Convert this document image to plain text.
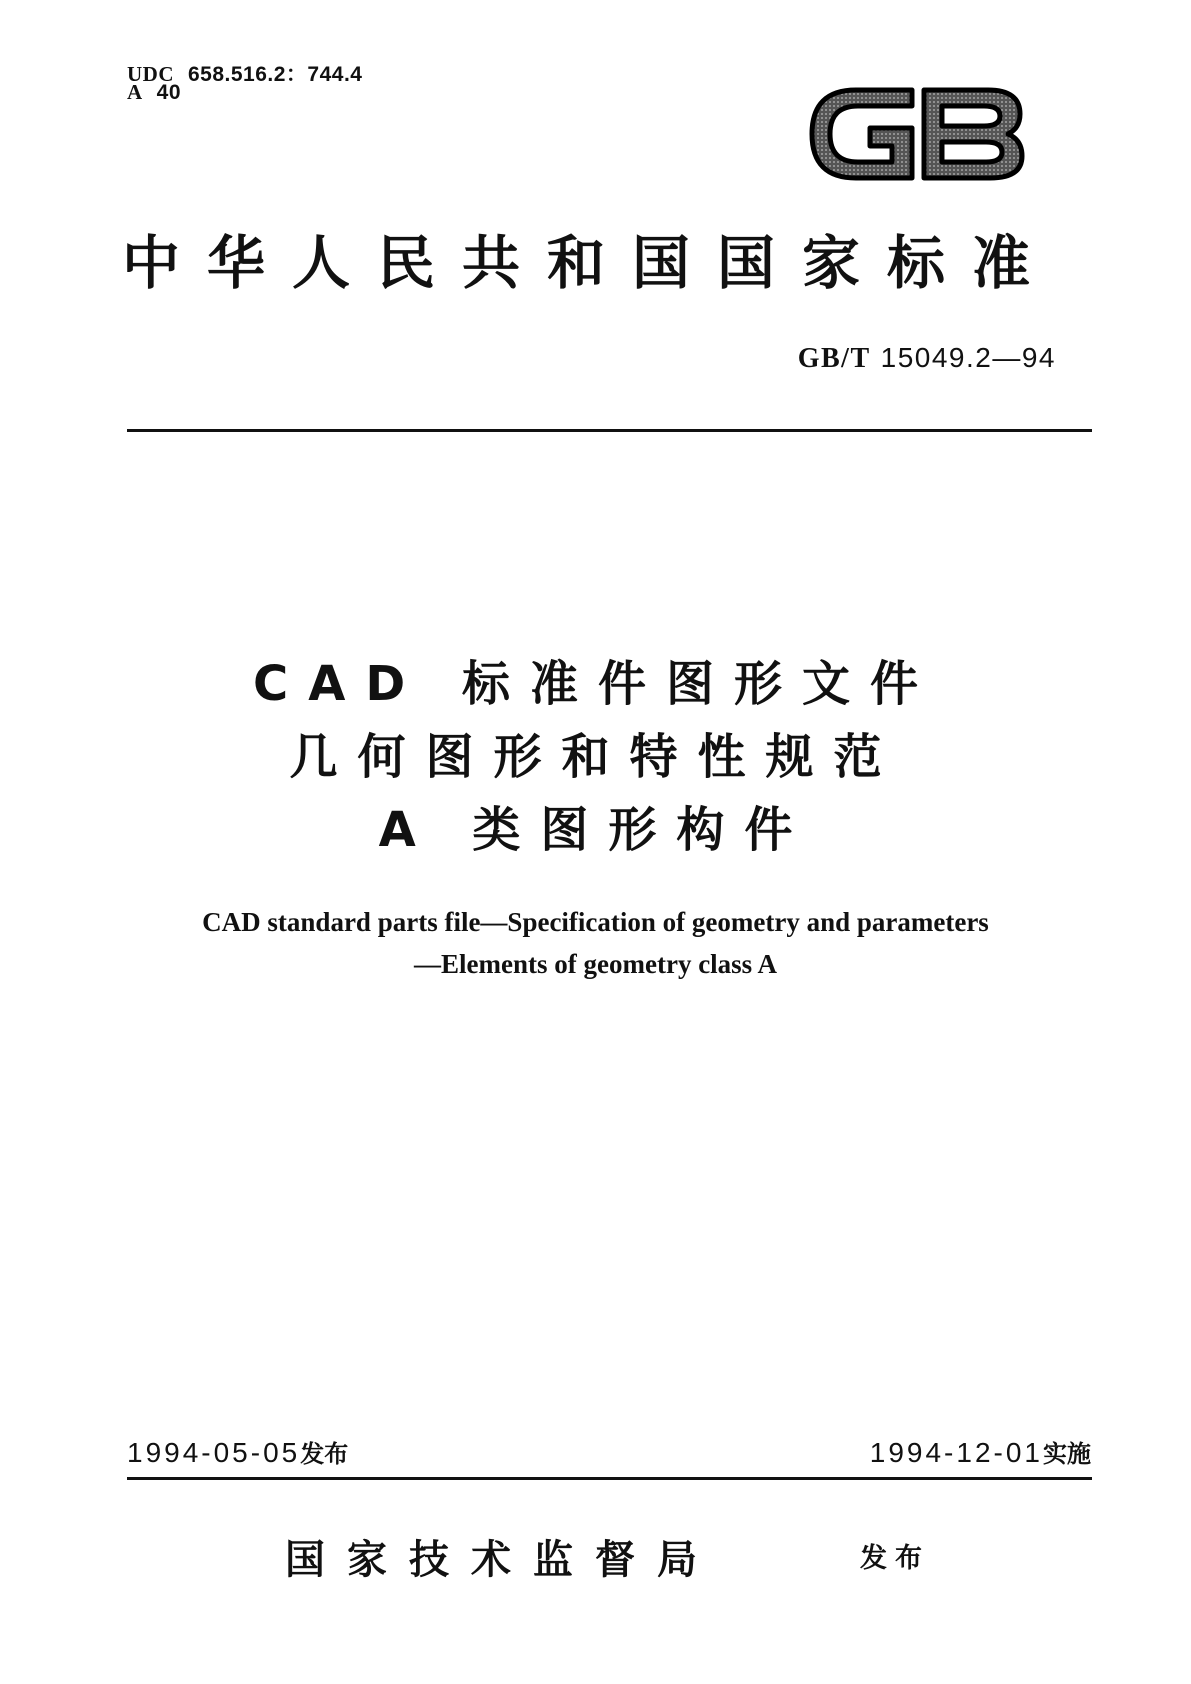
UDC 658.516.2：744.4
A 40
中华人民共和国国家标准
GB/T 15049.2—94
CAD 标准件图形文件
几何图形和特性规范
A 类图形构件
CAD standard parts file—Specification of geometry and parameters
—Elements of geometry class A
1994-05-05发布	1994-12-01实施
国家技术监督局	发布
